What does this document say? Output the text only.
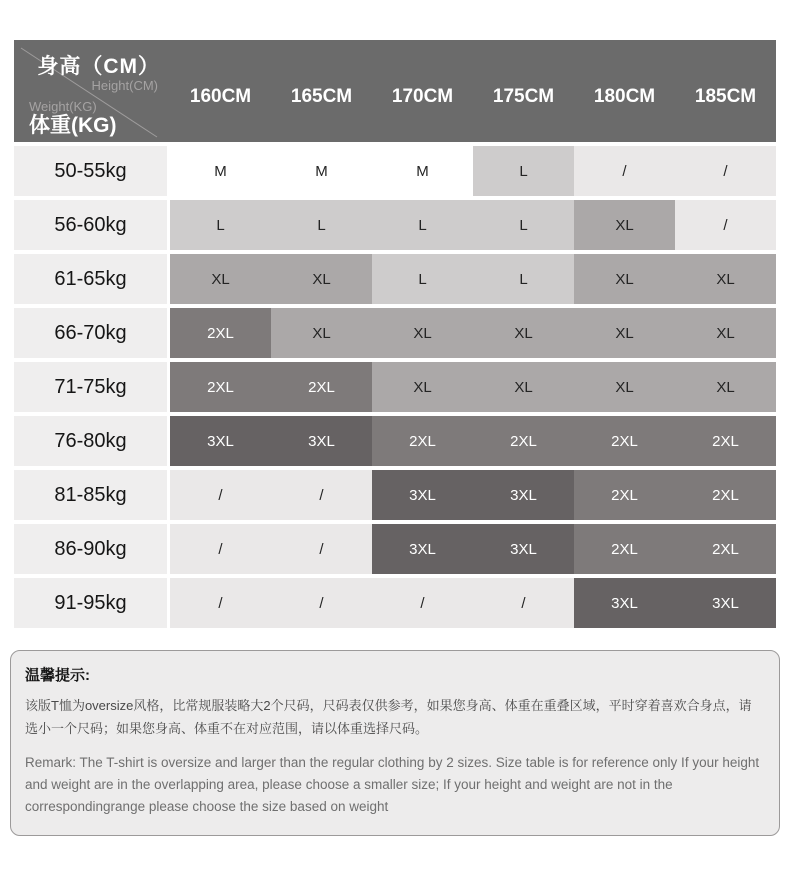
身高（CM）
Height(CM)
Weight(KG)
体重(KG)
160CM	165CM	170CM	175CM	180CM	185CM
50-55kg	M	M	M	L	/	/
56-60kg	L	L	L	L	XL	/
61-65kg	XL	XL	L	L	XL	XL
66-70kg	2XL	XL	XL	XL	XL	XL
71-75kg	2XL	2XL	XL	XL	XL	XL
76-80kg	3XL	3XL	2XL	2XL	2XL	2XL
81-85kg	/	/	3XL	3XL	2XL	2XL
86-90kg	/	/	3XL	3XL	2XL	2XL
91-95kg	/	/	/	/	3XL	3XL
温馨提示:

该版T恤为oversize风格，比常规服装略大2个尺码，尺码表仅供参考，如果您身高、体重在重叠区域，平时穿着喜欢合身点，请选小一个尺码；如果您身高、体重不在对应范围，请以体重选择尺码。

Remark: The T-shirt is oversize and larger than the regular clothing by 2 sizes. Size table is for reference only If your height and weight are in the overlapping area, please choose a smaller size; If your height and weight are not in the correspondingrange please choose the size based on weight
